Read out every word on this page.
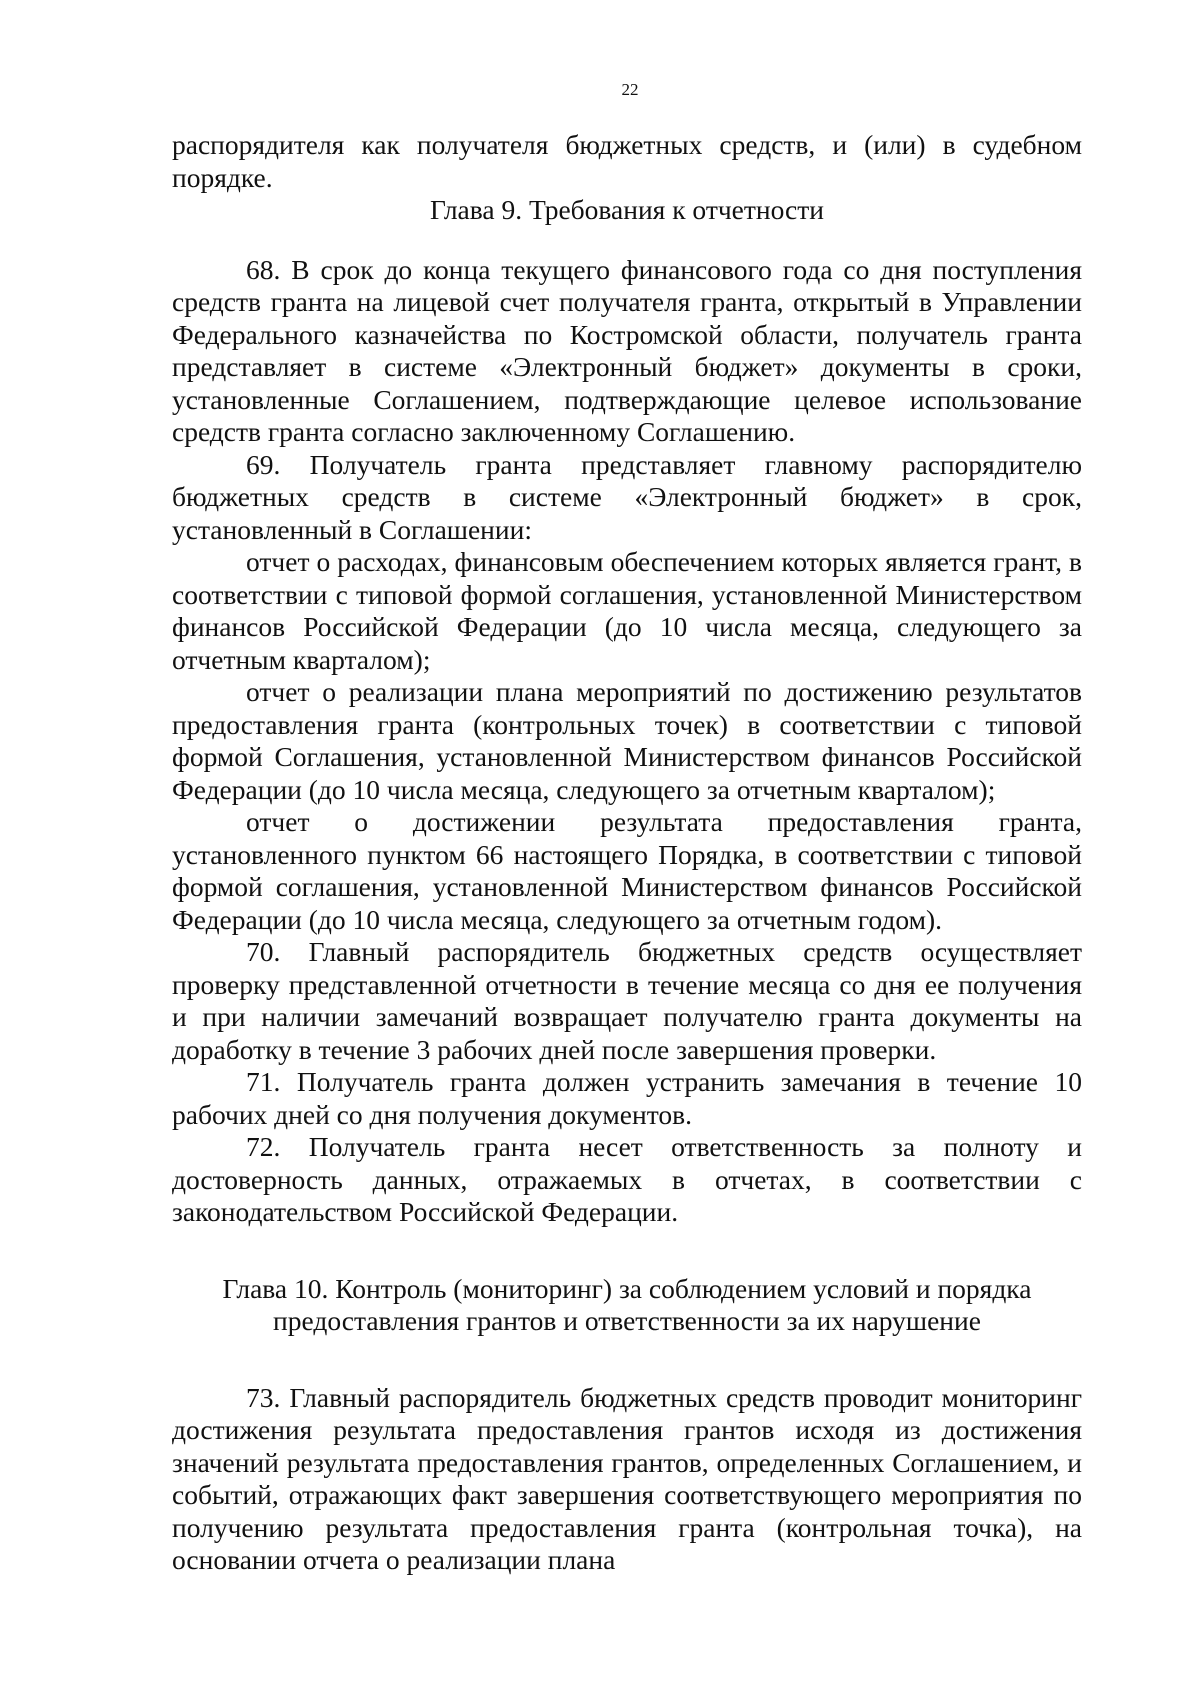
22

распорядителя как получателя бюджетных средств, и (или) в судебном порядке.

Глава 9. Требования к отчетности

68. В срок до конца текущего финансового года со дня поступления средств гранта на лицевой счет получателя гранта, открытый в Управлении Федерального казначейства по Костромской области, получатель гранта представляет в системе «Электронный бюджет» документы в сроки, установленные Соглашением, подтверждающие целевое использование средств гранта согласно заключенному Соглашению.

69. Получатель гранта представляет главному распорядителю бюджетных средств в системе «Электронный бюджет» в срок, установленный в Соглашении:

отчет о расходах, финансовым обеспечением которых является грант, в соответствии с типовой формой соглашения, установленной Министерством финансов Российской Федерации (до 10 числа месяца, следующего за отчетным кварталом);

отчет о реализации плана мероприятий по достижению результатов предоставления гранта (контрольных точек) в соответствии с типовой формой Соглашения, установленной Министерством финансов Российской Федерации (до 10 числа месяца, следующего за отчетным кварталом);

отчет о достижении результата предоставления гранта, установленного пунктом 66 настоящего Порядка, в соответствии с типовой формой соглашения, установленной Министерством финансов Российской Федерации (до 10 числа месяца, следующего за отчетным годом).

70. Главный распорядитель бюджетных средств осуществляет проверку представленной отчетности в течение месяца со дня ее получения и при наличии замечаний возвращает получателю гранта документы на доработку в течение 3 рабочих дней после завершения проверки.

71. Получатель гранта должен устранить замечания в течение 10 рабочих дней со дня получения документов.

72. Получатель гранта несет ответственность за полноту и достоверность данных, отражаемых в отчетах, в соответствии с законодательством Российской Федерации.

Глава 10. Контроль (мониторинг) за соблюдением условий и порядка
предоставления грантов и ответственности за их нарушение

73. Главный распорядитель бюджетных средств проводит мониторинг достижения результата предоставления грантов исходя из достижения значений результата предоставления грантов, определенных Соглашением, и событий, отражающих факт завершения соответствующего мероприятия по получению результата предоставления гранта (контрольная точка), на основании отчета о реализации плана
